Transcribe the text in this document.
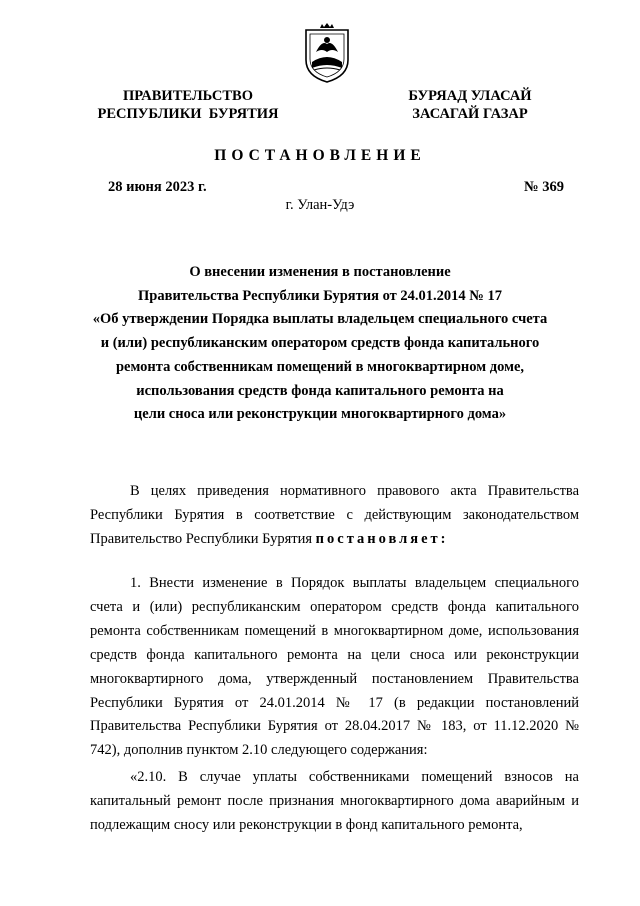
ПРАВИТЕЛЬСТВО
РЕСПУБЛИКИ  БУРЯТИЯ
БУРЯАД УЛАСАЙ
ЗАСАГАЙ ГАЗАР
ПОСТАНОВЛЕНИЕ
28 июня 2023 г.	№ 369
г. Улан-Удэ
О внесении изменения в постановление
Правительства Республики Бурятия от 24.01.2014 № 17
«Об утверждении Порядка выплаты владельцем специального счета
и (или) республиканским оператором средств фонда капитального
ремонта собственникам помещений в многоквартирном доме,
использования средств фонда капитального ремонта на
цели сноса или реконструкции многоквартирного дома»

В целях приведения нормативного правового акта Правительства Республики Бурятия в соответствие с действующим законодательством Правительство Республики Бурятия постановляет:

1. Внести изменение в Порядок выплаты владельцем специального счета и (или) республиканским оператором средств фонда капитального ремонта собственникам помещений в многоквартирном доме, использования средств фонда капитального ремонта на цели сноса или реконструкции многоквартирного дома, утвержденный постановлением Правительства Республики Бурятия от 24.01.2014 № 17 (в редакции постановлений Правительства Республики Бурятия от 28.04.2017 № 183, от 11.12.2020 № 742), дополнив пунктом 2.10 следующего содержания:

«2.10. В случае уплаты собственниками помещений взносов на капитальный ремонт после признания многоквартирного дома аварийным и подлежащим сносу или реконструкции в фонд капитального ремонта,
